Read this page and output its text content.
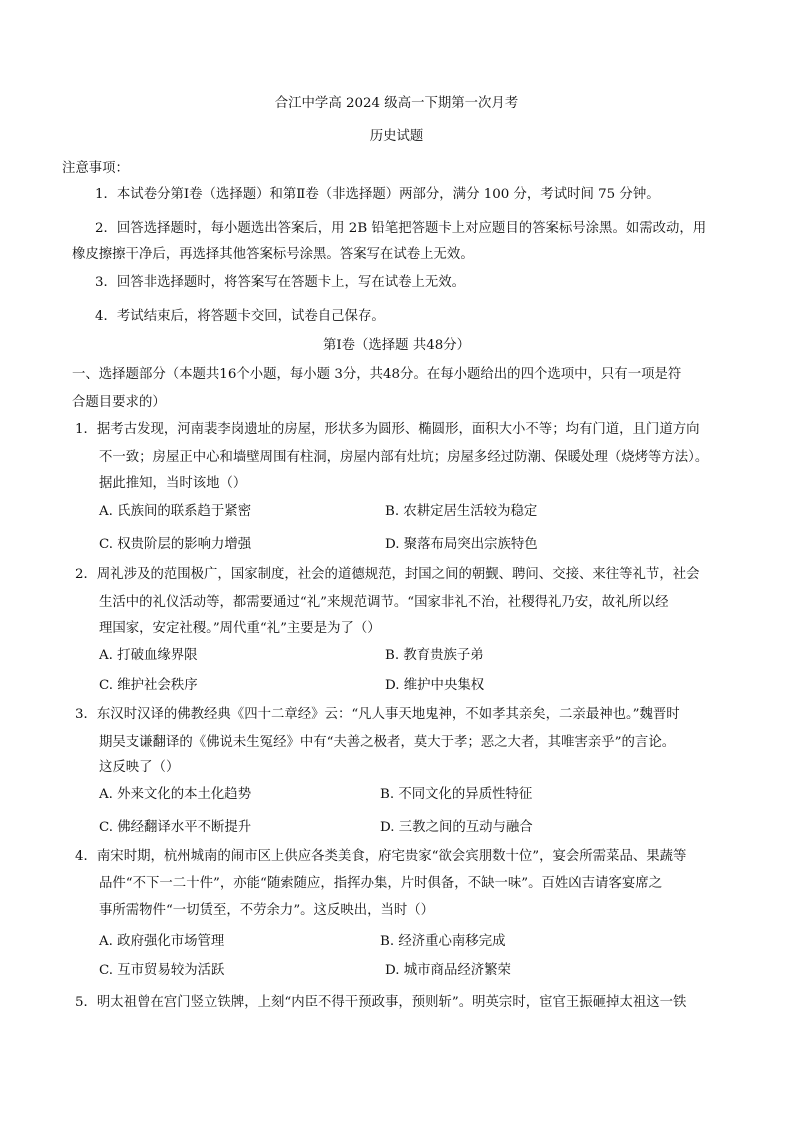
合江中学高 2024 级高一下期第一次月考
历史试题
注意事项：
1．本试卷分第Ⅰ卷（选择题）和第Ⅱ卷（非选择题）两部分，满分 100 分，考试时间 75 分钟。
2．回答选择题时，每小题选出答案后，用 2B 铅笔把答题卡上对应题目的答案标号涂黑。如需改动，用
橡皮擦擦干净后，再选择其他答案标号涂黑。答案写在试卷上无效。
3．回答非选择题时，将答案写在答题卡上，写在试卷上无效。
4．考试结束后，将答题卡交回，试卷自己保存。
第Ⅰ卷（选择题 共48分）
一、选择题部分（本题共16个小题，每小题 3分，共48分。在每小题给出的四个选项中，只有一项是符
合题目要求的）
1．据考古发现，河南裴李岗遗址的房屋，形状多为圆形、椭圆形，面积大小不等；均有门道，且门道方向
不一致；房屋正中心和墙壁周围有柱洞，房屋内部有灶坑；房屋多经过防潮、保暖处理（烧烤等方法）。
据此推知，当时该地（）
A. 氏族间的联系趋于紧密	B. 农耕定居生活较为稳定
C. 权贵阶层的影响力增强	D. 聚落布局突出宗族特色
2．周礼涉及的范围极广，国家制度，社会的道德规范，封国之间的朝觐、聘问、交接、来往等礼节，社会
生活中的礼仪活动等，都需要通过“礼”来规范调节。“国家非礼不治，社稷得礼乃安，故礼所以经
理国家，安定社稷。”周代重“礼”主要是为了（）
A. 打破血缘界限	B. 教育贵族子弟
C. 维护社会秩序	D. 维护中央集权
3．东汉时汉译的佛教经典《四十二章经》云：“凡人事天地鬼神，不如孝其亲矣，二亲最神也。”魏晋时
期吴支谦翻译的《佛说未生冤经》中有“夫善之极者，莫大于孝；恶之大者，其唯害亲乎”的言论。
这反映了（）
A. 外来文化的本土化趋势	B. 不同文化的异质性特征
C. 佛经翻译水平不断提升	D. 三教之间的互动与融合
4．南宋时期，杭州城南的闹市区上供应各类美食，府宅贵家“欲会宾朋数十位”，宴会所需菜品、果蔬等
品件“不下一二十件”，亦能“随索随应，指挥办集，片时俱备，不缺一味”。百姓凶吉请客宴席之
事所需物件“一切赁至，不劳余力”。这反映出，当时（）
A. 政府强化市场管理	B. 经济重心南移完成
C. 互市贸易较为活跃	D. 城市商品经济繁荣
5．明太祖曾在宫门竖立铁牌，上刻“内臣不得干预政事，预则斩”。明英宗时，宦官王振砸掉太祖这一铁
